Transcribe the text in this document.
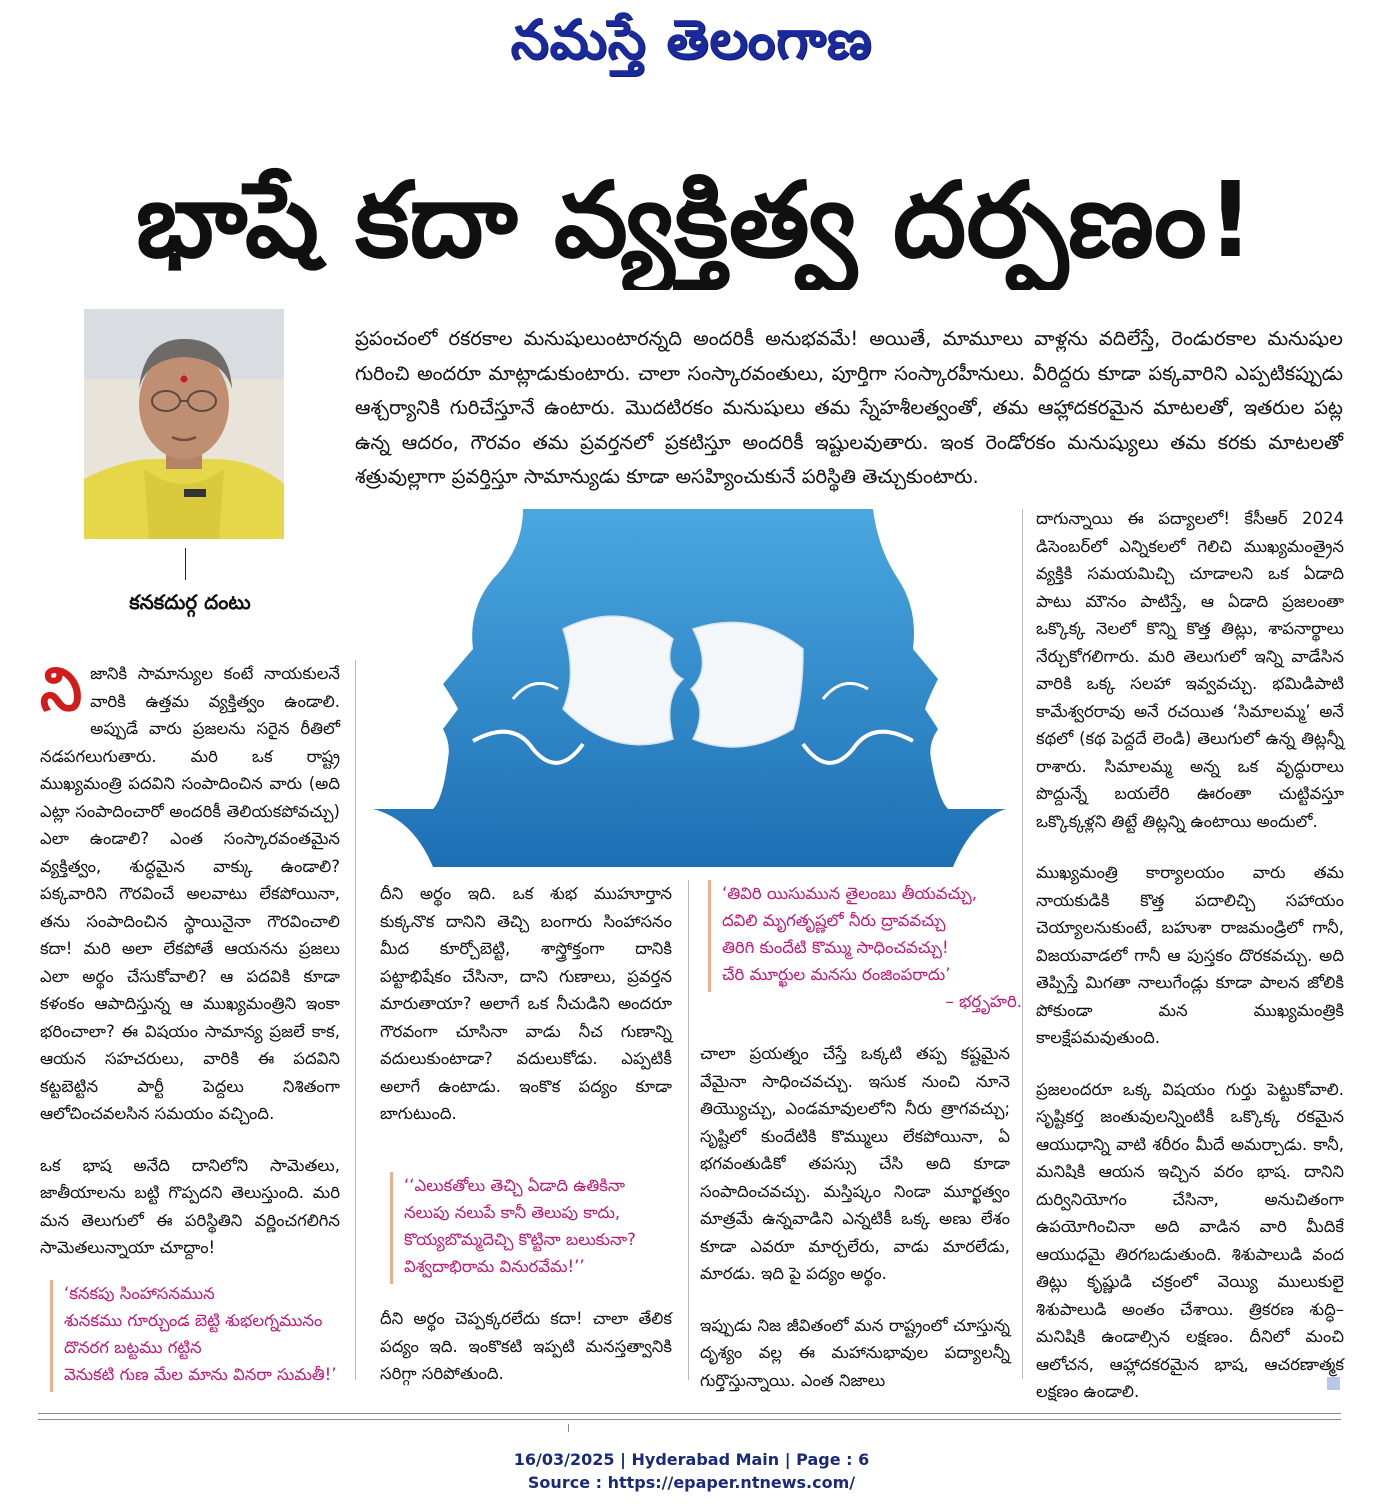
నమస్తే తెలంగాణ
భాషే కదా వ్యక్తిత్వ దర్పణం!
ప్రపంచంలో రకరకాల మనుషులుంటారన్నది అందరికీ అనుభవమే! అయితే, మామూలు వాళ్లను వదిలేస్తే, రెండురకాల మనుషుల గురించి అందరూ మాట్లాడుకుంటారు. చాలా సంస్కారవంతులు, పూర్తిగా సంస్కారహీనులు. వీరిద్దరు కూడా పక్కవారిని ఎప్పటికప్పుడు ఆశ్చర్యానికి గురిచేస్తూనే ఉంటారు. మొదటిరకం మనుషులు తమ స్నేహశీలత్వంతో, తమ ఆహ్లాదకరమైన మాటలతో, ఇతరుల పట్ల ఉన్న ఆదరం, గౌరవం తమ ప్రవర్తనలో ప్రకటిస్తూ అందరికీ ఇష్టులవుతారు. ఇంక రెండోరకం మనుష్యులు తమ కరకు మాటలతో శత్రువుల్లాగా ప్రవర్తిస్తూ సామాన్యుడు కూడా అసహ్యించుకునే పరిస్థితి తెచ్చుకుంటారు.
కనకదుర్గ దంటు

నిజానికి సామాన్యుల కంటే నాయకులనే వారికి ఉత్తమ వ్యక్తిత్వం ఉండాలి. అప్పుడే వారు ప్రజలను సరైన రీతిలో నడపగలుగుతారు. మరి ఒక రాష్ట్ర ముఖ్యమంత్రి పదవిని సంపాదించిన వారు (అది ఎట్లా సంపాదించారో అందరికీ తెలియకపోవచ్చు) ఎలా ఉండాలి? ఎంత సంస్కారవంతమైన వ్యక్తిత్వం, శుద్ధమైన వాక్కు ఉండాలి? పక్కవారిని గౌరవించే అలవాటు లేకపోయినా, తను సంపాదించిన స్థాయినైనా గౌరవించాలి కదా! మరి అలా లేకపోతే ఆయనను ప్రజలు ఎలా అర్థం చేసుకోవాలి? ఆ పదవికి కూడా కళంకం ఆపాదిస్తున్న ఆ ముఖ్యమంత్రిని ఇంకా భరించాలా? ఈ విషయం సామాన్య ప్రజలే కాక, ఆయన సహచరులు, వారికి ఈ పదవిని కట్టబెట్టిన పార్టీ పెద్దలు నిశితంగా ఆలోచించవలసిన సమయం వచ్చింది.

ఒక భాష అనేది దానిలోని సామెతలు, జాతీయాలను బట్టి గొప్పదని తెలుస్తుంది. మరి మన తెలుగులో ఈ పరిస్థితిని వర్ణించగలిగిన సామెతలున్నాయా చూద్దాం!

‘కనకపు సింహాసనమున
శునకము గూర్చుండ బెట్టి శుభలగ్నమునం
దొనరగ బట్టము గట్టిన
వెనుకటి గుణ మేల మాను వినరా సుమతీ!’

దీని అర్థం ఇది. ఒక శుభ ముహూర్తాన కుక్కనొక దానిని తెచ్చి బంగారు సింహాసనం మీద కూర్చోబెట్టి, శాస్త్రోక్తంగా దానికి పట్టాభిషేకం చేసినా, దాని గుణాలు, ప్రవర్తన మారుతాయా? అలాగే ఒక నీచుడిని అందరూ గౌరవంగా చూసినా వాడు నీచ గుణాన్ని వదులుకుంటాడా? వదులుకోడు. ఎప్పటికీ అలాగే ఉంటాడు. ఇంకొక పద్యం కూడా బాగుటుంది.

‘‘ఎలుకతోలు తెచ్చి ఏడాది ఉతికినా
నలుపు నలుపే కానీ తెలుపు కాదు,
కొయ్యబొమ్మదెచ్చి కొట్టినా బలుకునా?
విశ్వదాభిరామ వినురవేమ!’’

దీని అర్థం చెప్పక్కరలేదు కదా! చాలా తేలిక పద్యం ఇది. ఇంకొకటి ఇప్పటి మనస్తత్వానికి సరిగ్గా సరిపోతుంది.

‘తివిరి యిసుమున తైలంబు తీయవచ్చు,
దవిలి మృగతృష్ణలో నీరు ద్రావవచ్చు
తిరిగి కుందేటి కొమ్ము సాధించవచ్చు!
చేరి మూర్ఖుల మనసు రంజింపరాదు’
– భర్తృహరి.

చాలా ప్రయత్నం చేస్తే ఒక్కటి తప్ప కష్టమైన వేమైనా సాధించవచ్చు. ఇసుక నుంచి నూనె తియ్యొచ్చు, ఎండమావులలోని నీరు త్రాగవచ్చు; సృష్టిలో కుందేటికి కొమ్ములు లేకపోయినా, ఏ భగవంతుడికో తపస్సు చేసి అది కూడా సంపాదించవచ్చు. మస్తిష్కం నిండా మూర్ఖత్వం మాత్రమే ఉన్నవాడిని ఎన్నటికీ ఒక్క అణు లేశం కూడా ఎవరూ మార్చలేరు, వాడు మారలేడు, మారడు. ఇది పై పద్యం అర్థం.

ఇప్పుడు నిజ జీవితంలో మన రాష్ట్రంలో చూస్తున్న దృశ్యం వల్ల ఈ మహానుభావుల పద్యాలన్నీ గుర్తొస్తున్నాయి. ఎంత నిజాలు

దాగున్నాయి ఈ పద్యాలలో! కేసీఆర్ 2024 డిసెంబర్‌లో ఎన్నికలలో గెలిచి ముఖ్యమంత్రైన వ్యక్తికి సమయమిచ్చి చూడాలని ఒక ఏడాది పాటు మౌనం పాటిస్తే, ఆ ఏడాది ప్రజలంతా ఒక్కొక్క నెలలో కొన్ని కొత్త తిట్లు, శాపనార్థాలు నేర్చుకోగలిగారు. మరి తెలుగులో ఇన్ని వాడేసిన వారికి ఒక్క సలహా ఇవ్వవచ్చు. భమిడిపాటి కామేశ్వరరావు అనే రచయిత ‘సిమాలమ్మ’ అనే కథలో (కథ పెద్దదే లెండి) తెలుగులో ఉన్న తిట్లన్నీ రాశారు. సిమాలమ్మ అన్న ఒక వృద్ధురాలు పొద్దున్నే బయలేరి ఊరంతా చుట్టివస్తూ ఒక్కొక్కళ్లని తిట్టే తిట్లన్ని ఉంటాయి అందులో.

ముఖ్యమంత్రి కార్యాలయం వారు తమ నాయకుడికి కొత్త పదాలిచ్చి సహాయం చెయ్యాలనుకుంటే, బహుశా రాజమండ్రిలో గానీ, విజయవాడలో గానీ ఆ పుస్తకం దొరకవచ్చు. అది తెప్పిస్తే మిగతా నాలుగేండ్లు కూడా పాలన జోలికి పోకుండా మన ముఖ్యమంత్రికి కాలక్షేపమవుతుంది.

ప్రజలందరూ ఒక్క విషయం గుర్తు పెట్టుకోవాలి. సృష్టికర్త జంతువులన్నింటికీ ఒక్కొక్క రకమైన ఆయుధాన్ని వాటి శరీరం మీదే అమర్చాడు. కానీ, మనిషికి ఆయన ఇచ్చిన వరం భాష. దానిని దుర్వినియోగం చేసినా, అనుచితంగా ఉపయోగించినా అది వాడిన వారి మీదికే ఆయుధమై తిరగబడుతుంది. శిశుపాలుడి వంద తిట్లు కృష్ణుడి చక్రంలో వెయ్యి ములుకులై శిశుపాలుడి అంతం చేశాయి. త్రికరణ శుద్ధి–మనిషికి ఉండాల్సిన లక్షణం. దీనిలో మంచి ఆలోచన, ఆహ్లాదకరమైన భాష, ఆచరణాత్మక లక్షణం ఉండాలి.

16/03/2025 | Hyderabad Main | Page : 6
Source : https://epaper.ntnews.com/
